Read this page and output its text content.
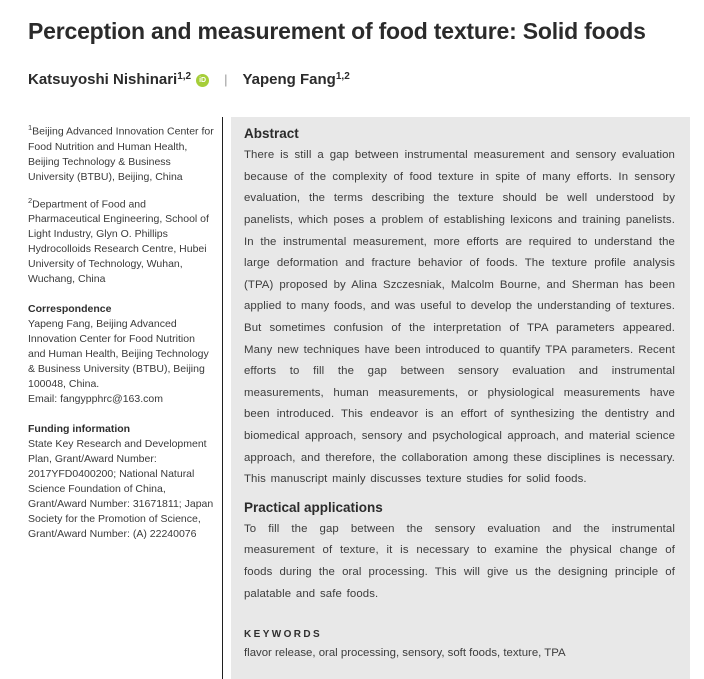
Perception and measurement of food texture: Solid foods
Katsuyoshi Nishinari 1,2	iD | Yapeng Fang 1,2

$^1$Beijing Advanced Innovation Center for Food Nutrition and Human Health, Beijing Technology & Business University (BTBU), Beijing, China

$^2$Department of Food and Pharmaceutical Engineering, School of Light Industry, Glyn O. Phillips Hydrocolloids Research Centre, Hubei University of Technology, Wuhan, Wuchang, China

Correspondence
Yapeng Fang, Beijing Advanced Innovation Center for Food Nutrition and Human Health, Beijing Technology & Business University (BTBU), Beijing 100048, China.
Email: fangypphrc@163.com
Funding information
State Key Research and Development Plan, Grant/Award Number: 2017YFD0400200; National Natural Science Foundation of China, Grant/Award Number: 31671811; Japan Society for the Promotion of Science, Grant/Award Number: (A) 22240076
Abstract

There is still a gap between instrumental measurement and sensory evaluation because of the complexity of food texture in spite of many efforts. In sensory evaluation, the terms describing the texture should be well understood by panelists, which poses a problem of establishing lexicons and training panelists. In the instrumental measurement, more efforts are required to understand the large deformation and fracture behavior of foods. The texture profile analysis (TPA) proposed by Alina Szczesniak, Malcolm Bourne, and Sherman has been applied to many foods, and was useful to develop the understanding of textures. But sometimes confusion of the interpretation of TPA parameters appeared. Many new techniques have been introduced to quantify TPA parameters. Recent efforts to fill the gap between sensory evaluation and instrumental measurements, human measurements, or physiological measurements have been introduced. This endeavor is an effort of synthesizing the dentistry and biomedical approach, sensory and psychological approach, and material science approach, and therefore, the collaboration among these disciplines is necessary. This manuscript mainly discusses texture studies for solid foods.

Practical applications

To fill the gap between the sensory evaluation and the instrumental measurement of texture, it is necessary to examine the physical change of foods during the oral processing. This will give us the designing principle of palatable and safe foods.

KEYWORDS

flavor release, oral processing, sensory, soft foods, texture, TPA
